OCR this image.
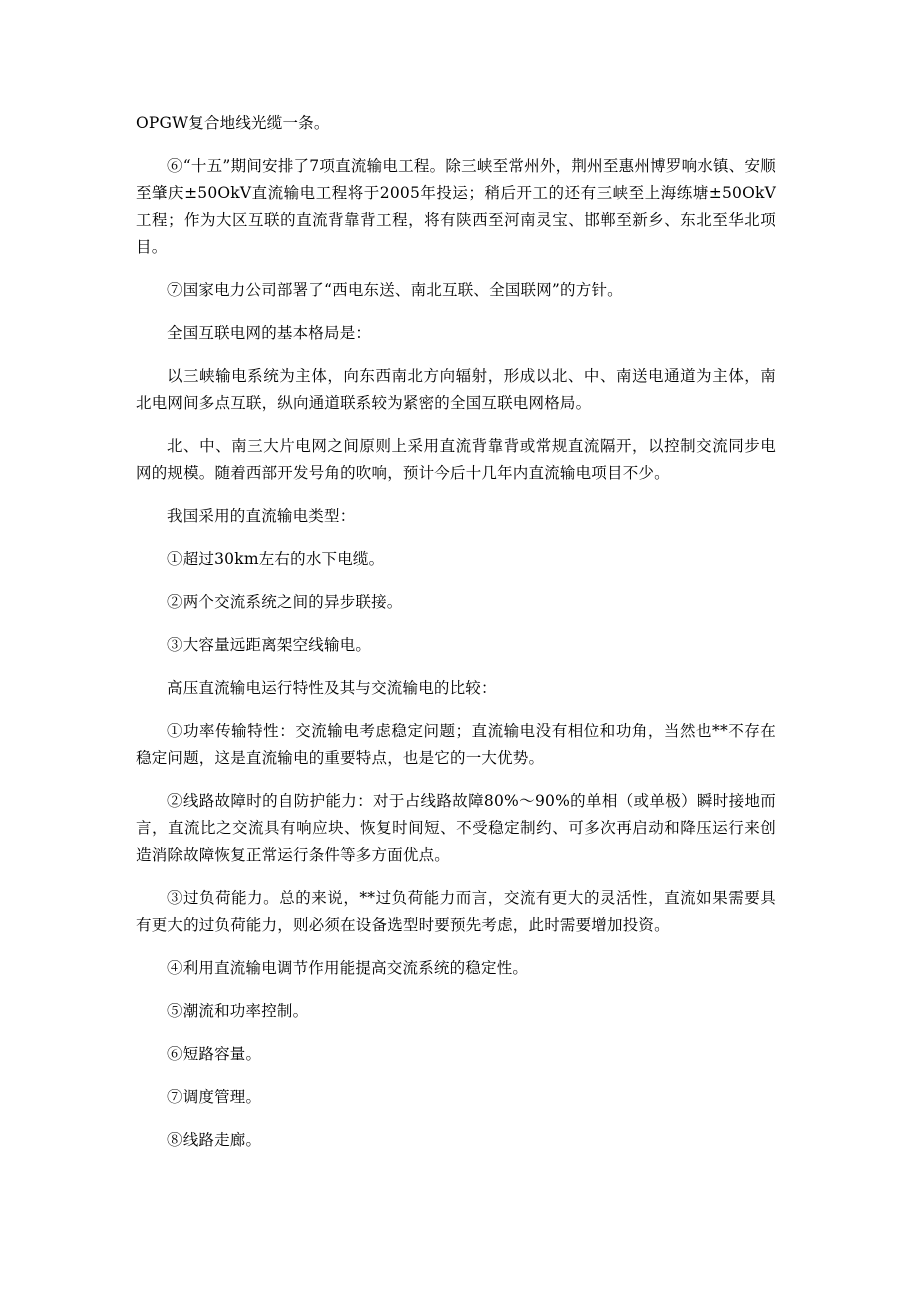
OPGW复合地线光缆一条。

⑥“十五”期间安排了7项直流输电工程。除三峡至常州外，荆州至惠州博罗响水镇、安顺至肇庆±50OkV直流输电工程将于2005年投运；稍后开工的还有三峡至上海练塘±50OkV工程；作为大区互联的直流背靠背工程，将有陕西至河南灵宝、邯郸至新乡、东北至华北项目。

⑦国家电力公司部署了“西电东送、南北互联、全国联网”的方针。

全国互联电网的基本格局是：

以三峡输电系统为主体，向东西南北方向辐射，形成以北、中、南送电通道为主体，南北电网间多点互联，纵向通道联系较为紧密的全国互联电网格局。

北、中、南三大片电网之间原则上采用直流背靠背或常规直流隔开，以控制交流同步电网的规模。随着西部开发号角的吹响，预计今后十几年内直流输电项目不少。

我国采用的直流输电类型：

①超过30km左右的水下电缆。

②两个交流系统之间的异步联接。

③大容量远距离架空线输电。

高压直流输电运行特性及其与交流输电的比较：

①功率传输特性：交流输电考虑稳定问题；直流输电没有相位和功角，当然也**不存在稳定问题，这是直流输电的重要特点，也是它的一大优势。

②线路故障时的自防护能力：对于占线路故障80%～90%的单相（或单极）瞬时接地而言，直流比之交流具有响应块、恢复时间短、不受稳定制约、可多次再启动和降压运行来创造消除故障恢复正常运行条件等多方面优点。

③过负荷能力。总的来说，**过负荷能力而言，交流有更大的灵活性，直流如果需要具有更大的过负荷能力，则必须在设备选型时要预先考虑，此时需要增加投资。

④利用直流输电调节作用能提高交流系统的稳定性。

⑤潮流和功率控制。

⑥短路容量。

⑦调度管理。

⑧线路走廊。
